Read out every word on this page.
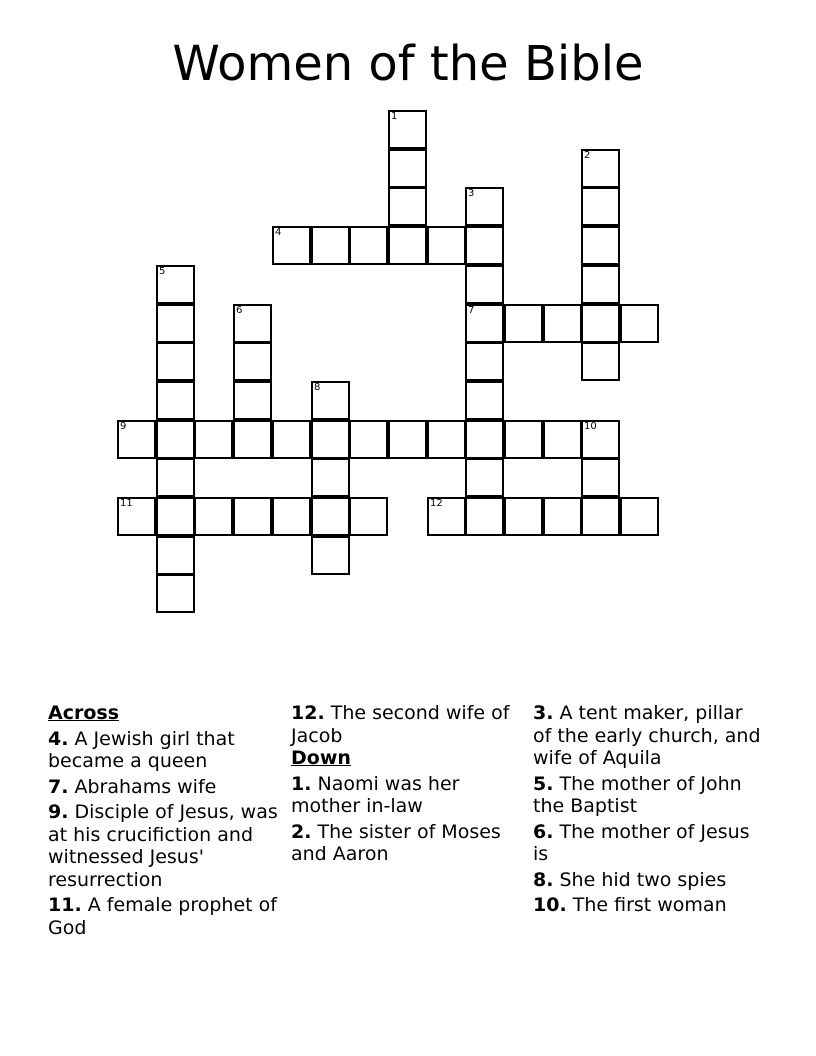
Women of the Bible
1
2
3
4
5
6	7
8
9	10
11	12
Across
4. A Jewish girl that became a queen
7. Abrahams wife
9. Disciple of Jesus, was at his crucifiction and witnessed Jesus' resurrection
11. A female prophet of God
12. The second wife of Jacob
Down
1. Naomi was her mother in-law
2. The sister of Moses and Aaron
3. A tent maker, pillar of the early church, and wife of Aquila
5. The mother of John the Baptist
6. The mother of Jesus is
8. She hid two spies
10. The first woman
